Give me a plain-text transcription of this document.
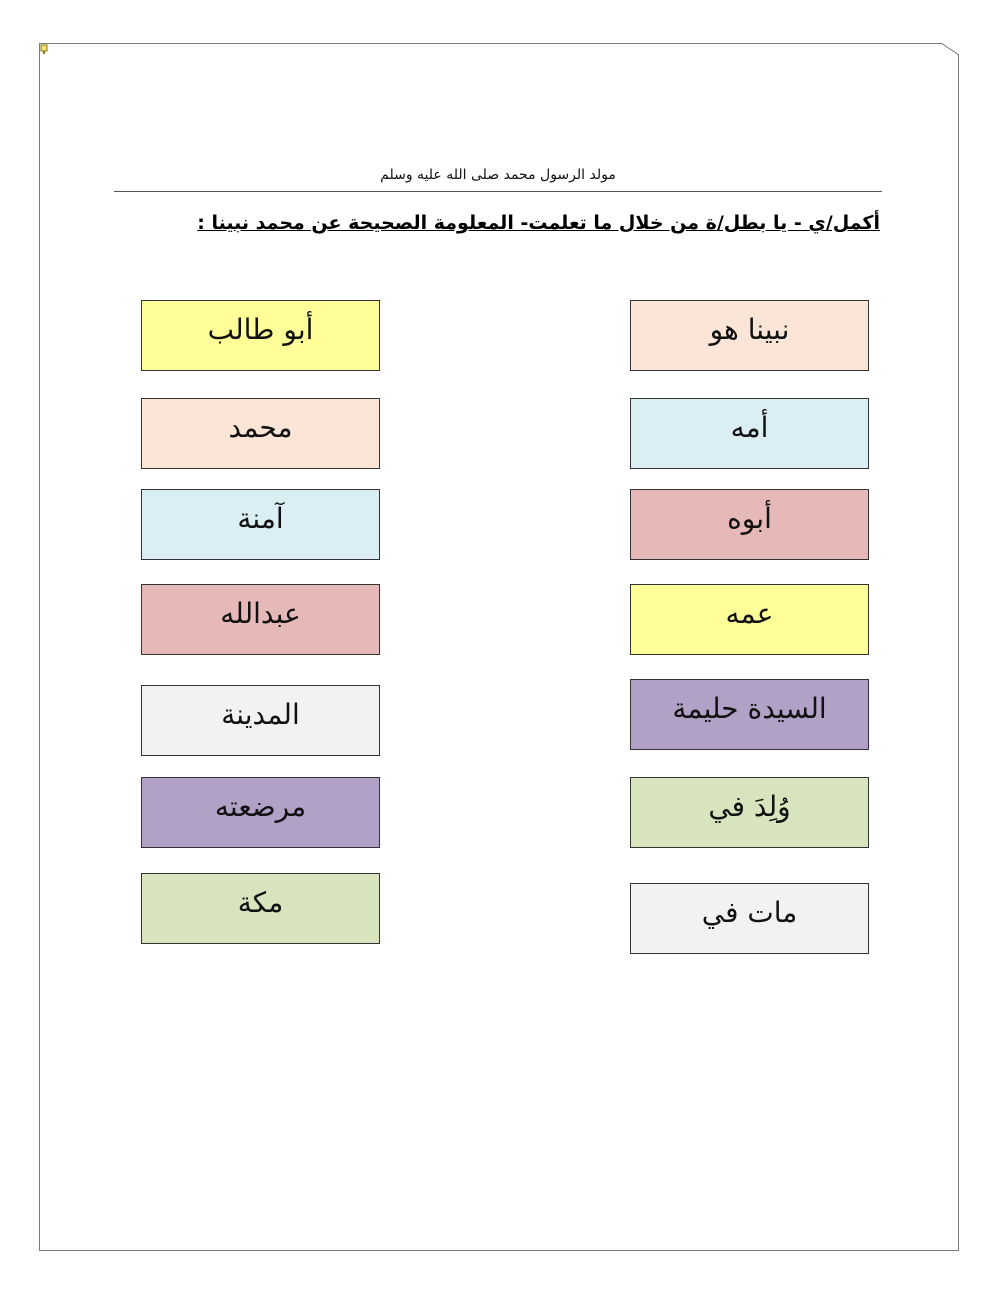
مولد الرسول محمد صلى الله عليه وسلم
أكمل/ي - يا بطل/ة من خلال ما تعلمت- المعلومة الصحيحة عن محمد نبينا :
أبو طالب
محمد
آمنة
عبدالله
المدينة
مرضعته
مكة
نبينا هو
أمه
أبوه
عمه
السيدة حليمة
وُلِدَ في
مات في
